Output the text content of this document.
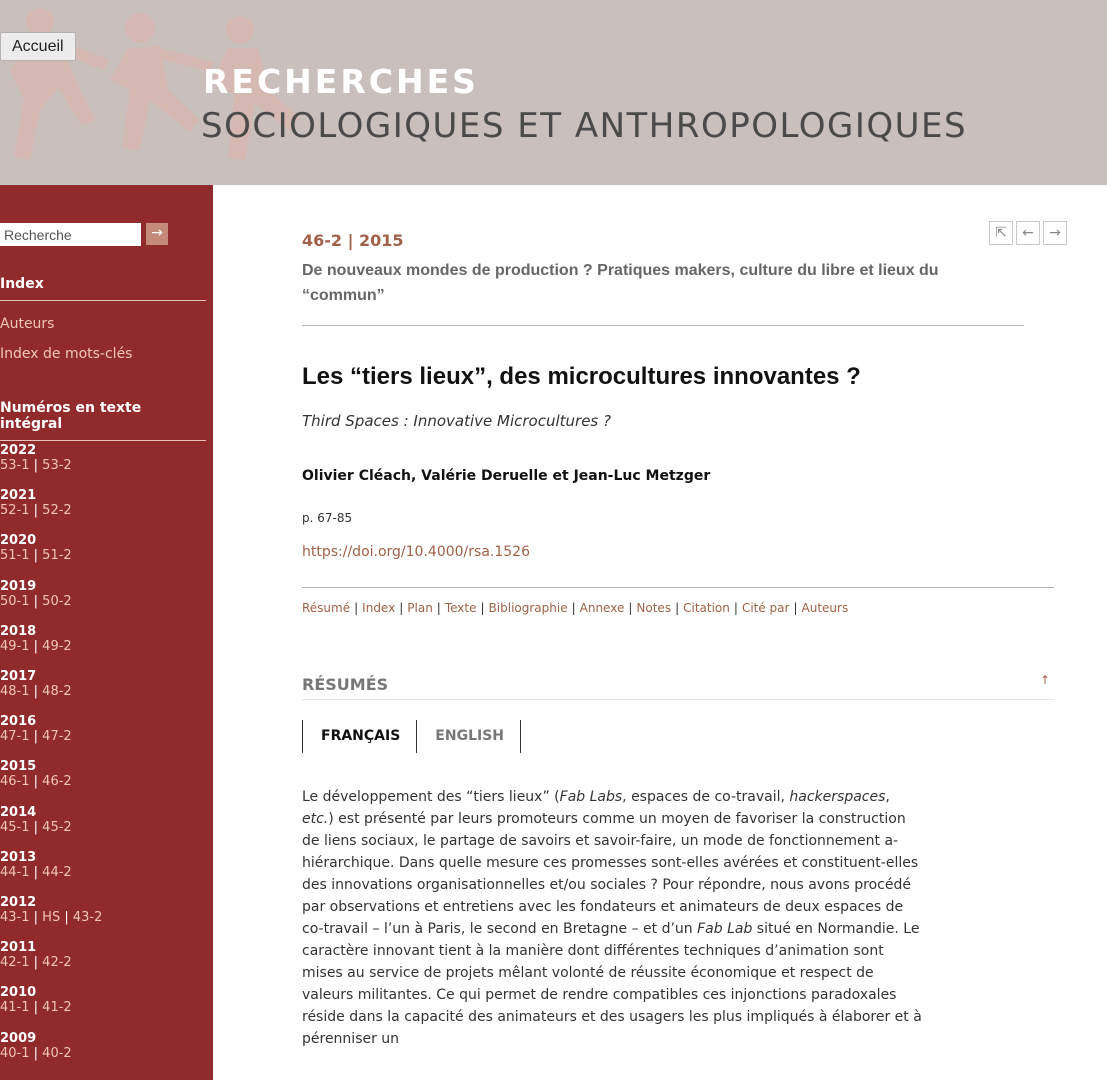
Accueil
RECHERCHES
SOCIOLOGIQUES ET ANTHROPOLOGIQUES
Recherche
→
Index
Auteurs
Index de mots-clés
Numéros en texte intégral
2022
53-1 | 53-2
2021
52-1 | 52-2
2020
51-1 | 51-2
2019
50-1 | 50-2
2018
49-1 | 49-2
2017
48-1 | 48-2
2016
47-1 | 47-2
2015
46-1 | 46-2
2014
45-1 | 45-2
2013
44-1 | 44-2
2012
43-1 | HS | 43-2
2011
42-1 | 42-2
2010
41-1 | 41-2
2009
40-1 | 40-2
⇱	←	→
46-2 | 2015
De nouveaux mondes de production ? Pratiques makers, culture du libre et lieux du “commun”
Les “tiers lieux”, des microcultures innovantes ?
Third Spaces : Innovative Microcultures ?
Olivier Cléach, Valérie Deruelle et Jean-Luc Metzger
p. 67-85
https://doi.org/10.4000/rsa.1526
Résumé | Index | Plan | Texte | Bibliographie | Annexe | Notes | Citation | Cité par | Auteurs
RÉSUMÉS	↑
FRANÇAIS	ENGLISH

Le développement des “tiers lieux” (Fab Labs, espaces de co-travail, hackerspaces, etc.) est présenté par leurs promoteurs comme un moyen de favoriser la construction de liens sociaux, le partage de savoirs et savoir-faire, un mode de fonctionnement a-hiérarchique. Dans quelle mesure ces promesses sont-elles avérées et constituent-elles des innovations organisationnelles et/ou sociales ? Pour répondre, nous avons procédé par observations et entretiens avec les fondateurs et animateurs de deux espaces de co-travail – l’un à Paris, le second en Bretagne – et d’un Fab Lab situé en Normandie. Le caractère innovant tient à la manière dont différentes techniques d’animation sont mises au service de projets mêlant volonté de réussite économique et respect de valeurs militantes. Ce qui permet de rendre compatibles ces injonctions paradoxales réside dans la capacité des animateurs et des usagers les plus impliqués à élaborer et à pérenniser un
